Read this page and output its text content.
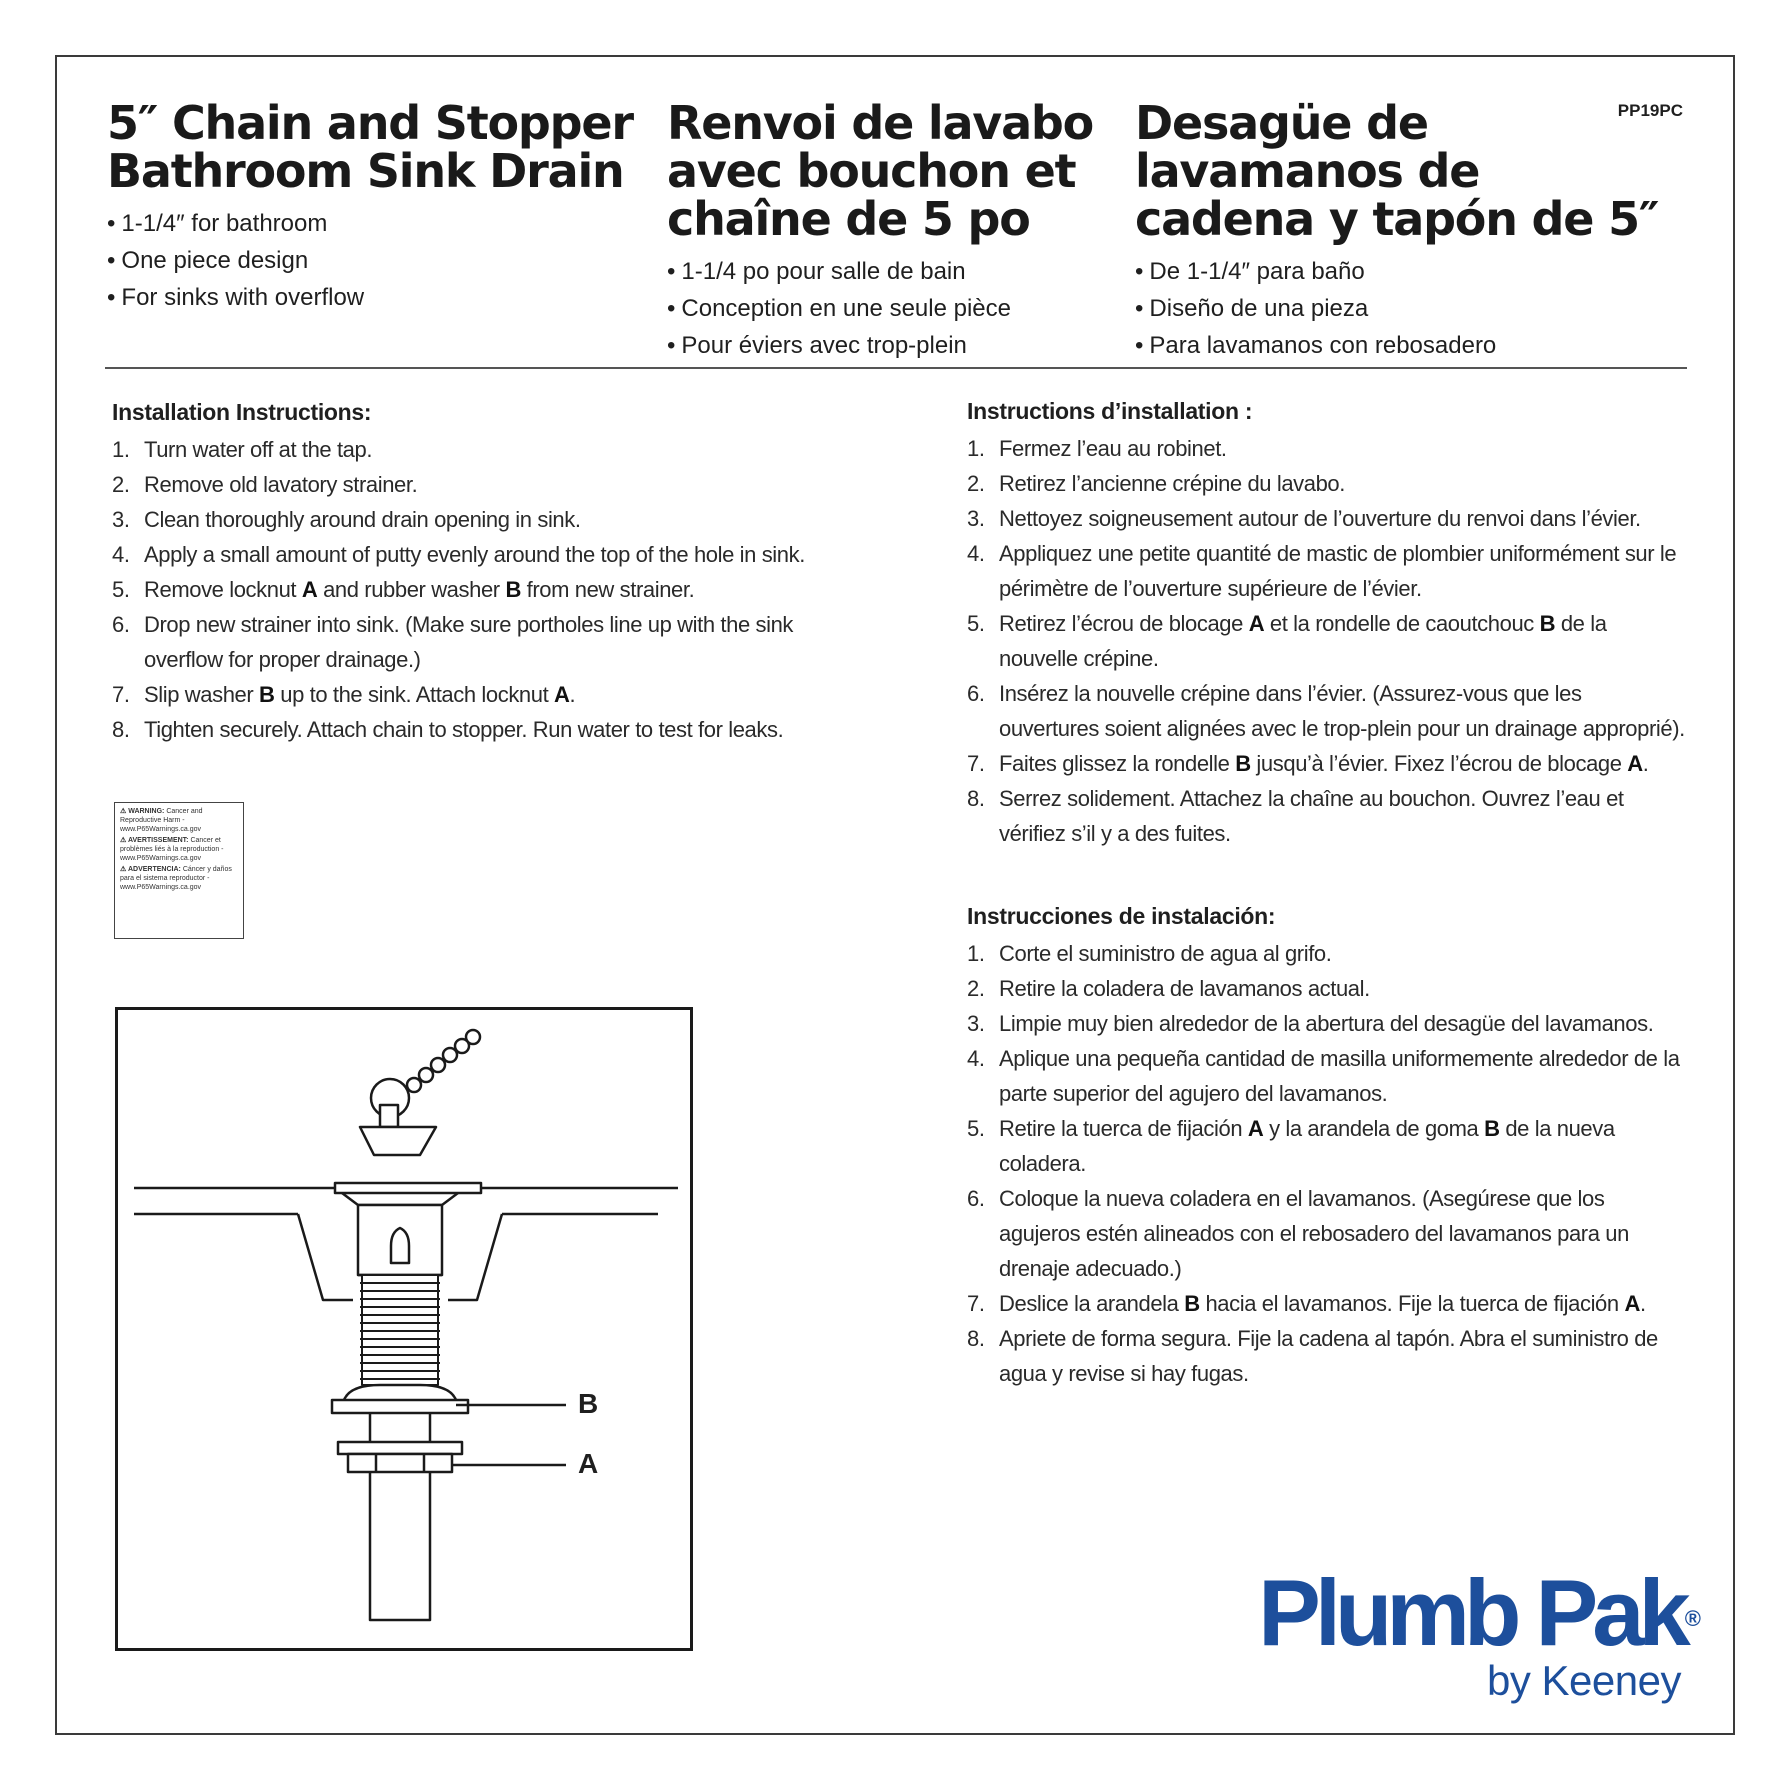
PP19PC
5″ Chain and Stopper
Bathroom Sink Drain
• 1-1/4″ for bathroom
• One piece design
• For sinks with overflow
Renvoi de lavabo
avec bouchon et
chaîne de 5 po
• 1-1/4 po pour salle de bain
• Conception en une seule pièce
• Pour éviers avec trop-plein
Desagüe de
lavamanos de
cadena y tapón de 5″
• De 1-1/4″ para baño
• Diseño de una pieza
• Para lavamanos con rebosadero
Installation Instructions:
1. Turn water off at the tap.
2. Remove old lavatory strainer.
3. Clean thoroughly around drain opening in sink.
4. Apply a small amount of putty evenly around the top of the hole in sink.
5. Remove locknut A and rubber washer B from new strainer.
6. Drop new strainer into sink. (Make sure portholes line up with the sink overflow for proper drainage.)
7. Slip washer B up to the sink. Attach locknut A.
8. Tighten securely. Attach chain to stopper. Run water to test for leaks.
Instructions d’installation :
1. Fermez l’eau au robinet.
2. Retirez l’ancienne crépine du lavabo.
3. Nettoyez soigneusement autour de l’ouverture du renvoi dans l’évier.
4. Appliquez une petite quantité de mastic de plombier uniformément sur le périmètre de l’ouverture supérieure de l’évier.
5. Retirez l’écrou de blocage A et la rondelle de caoutchouc B de la nouvelle crépine.
6. Insérez la nouvelle crépine dans l’évier. (Assurez-vous que les ouvertures soient alignées avec le trop-plein pour un drainage approprié).
7. Faites glissez la rondelle B jusqu’à l’évier. Fixez l’écrou de blocage A.
8. Serrez solidement. Attachez la chaîne au bouchon. Ouvrez l’eau et vérifiez s’il y a des fuites.
Instrucciones de instalación:
1. Corte el suministro de agua al grifo.
2. Retire la coladera de lavamanos actual.
3. Limpie muy bien alrededor de la abertura del desagüe del lavamanos.
4. Aplique una pequeña cantidad de masilla uniformemente alrededor de la parte superior del agujero del lavamanos.
5. Retire la tuerca de fijación A y la arandela de goma B de la nueva coladera.
6. Coloque la nueva coladera en el lavamanos. (Asegúrese que los agujeros estén alineados con el rebosadero del lavamanos para un drenaje adecuado.)
7. Deslice la arandela B hacia el lavamanos. Fije la tuerca de fijación A.
8. Apriete de forma segura. Fije la cadena al tapón. Abra el suministro de agua y revise si hay fugas.

⚠ WARNING: Cancer and Reproductive Harm - www.P65Warnings.ca.gov

⚠ AVERTISSEMENT: Cancer et problèmes liés à la reproduction - www.P65Warnings.ca.gov

⚠ ADVERTENCIA: Cáncer y daños para el sistema reproductor - www.P65Warnings.ca.gov

B
A
Plumb Pak®
by Keeney
